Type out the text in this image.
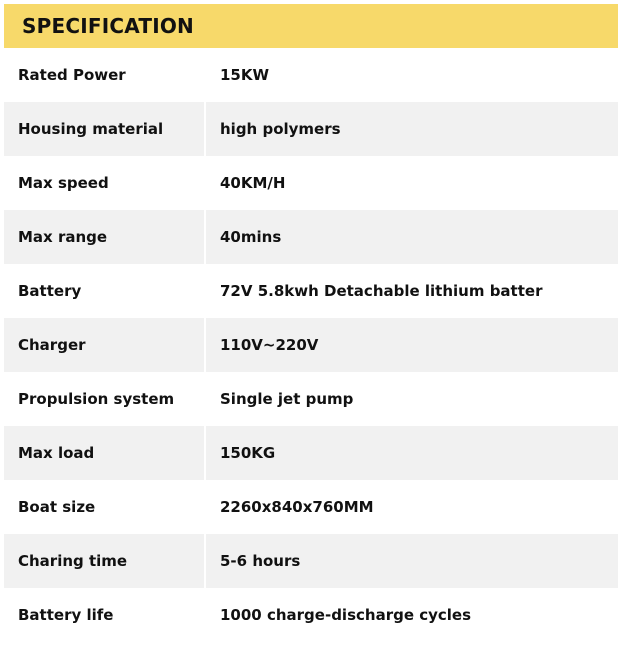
SPECIFICATION
Rated Power	15KW
Housing material	high polymers
Max speed	40KM/H
Max range	40mins
Battery	72V 5.8kwh Detachable lithium batter
Charger	110V~220V
Propulsion system	Single jet pump
Max load	150KG
Boat size	2260x840x760MM
Charing time	5-6 hours
Battery life	1000 charge-discharge cycles
